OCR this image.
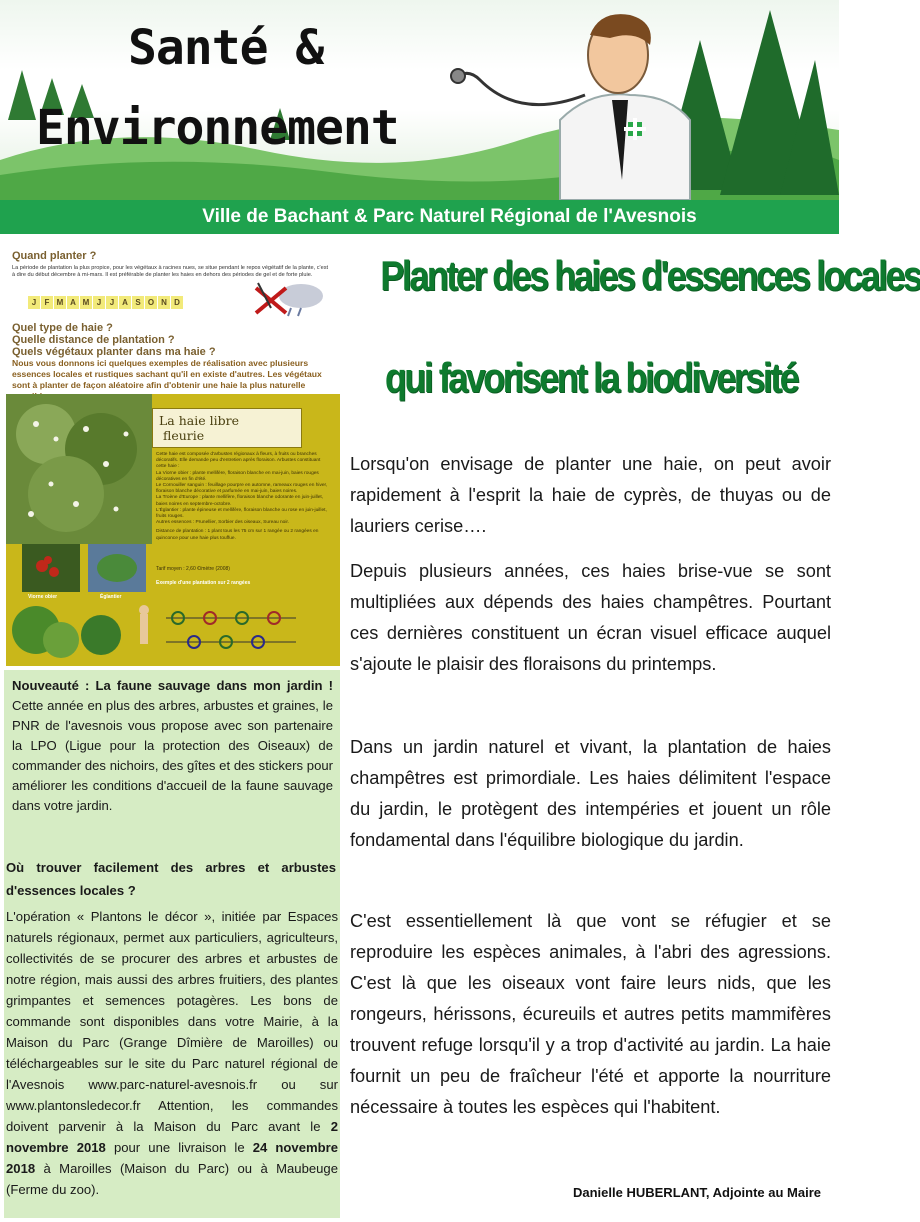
Santé &
Environnement
Ville de Bachant & Parc Naturel Régional de l'Avesnois
Quand planter ?
La période de plantation la plus propice, pour les végétaux à racines nues, se situe pendant le repos végétatif de la plante, c'est à dire du début décembre à mi-mars. Il est préférable de planter les haies en dehors des périodes de gel et de forte pluie.
J	F M A M J	J A S O N D
Quel type de haie ?
Quelle distance de plantation ?
Quels végétaux planter dans ma haie ?
Nous vous donnons ici quelques exemples de réalisation avec plusieurs essences locales et rustiques sachant qu'il en existe d'autres. Les végétaux sont à planter de façon aléatoire afin d'obtenir une haie la plus naturelle
La haie libre
fleurie
Cette haie est composée d'arbustes régionaux à fleurs, à fruits ou branches décoratifs. Elle demande peu d'entretien après floraison. Arbustes constituant cette haie :
La Viorne obier : plante mellifère, floraison blanche en mai-juin, baies rouges décoratives en fin d'été.
Le Cornouiller sanguin : feuillage pourpre en automne, rameaux rouges en hiver, floraison blanche décorative et parfumée en mai-juin, baies noires.
La Troène d'Europe : plante mellifère, floraison blanche odorante en juin-juillet, baies noires en septembre-octobre.
L'Églantier : plante épineuse et mellifère, floraison blanche ou rose en juin-juillet, fruits rouges.
Autres essences : Prunellier, Sorbier des oiseaux, Sureau noir.
Distance de plantation : 1 plant tous les 75 cm sur 1 rangée ou 2 rangées en quinconce pour une haie plus touffue.
Tarif moyen : 2,60 €/mètre (2008)
Viorne obier	Églantier
Exemple d'une plantation sur 2 rangées
Nouveauté : La faune sauvage dans mon jardin ! Cette année en plus des arbres, arbustes et graines, le PNR de l'avesnois vous propose avec son partenaire la LPO (Ligue pour la protection des Oiseaux) de commander des nichoirs, des gîtes et des stickers pour améliorer les conditions d'accueil de la faune sauvage dans votre jardin.
Où trouver facilement des arbres et arbustes d'essences locales ?
L'opération « Plantons le décor », initiée par Espaces naturels régionaux, permet aux particuliers, agriculteurs, collectivités de se procurer des arbres et arbustes de notre région, mais aussi des arbres fruitiers, des plantes grimpantes et semences potagères. Les bons de commande sont disponibles dans votre Mairie, à la Maison du Parc (Grange Dîmière de Maroilles) ou téléchargeables sur le site du Parc naturel régional de l'Avesnois www.parc-naturel-avesnois.fr ou sur www.plantonsledecor.fr Attention, les commandes doivent parvenir à la Maison du Parc avant le 2 novembre 2018 pour une livraison le 24 novembre 2018 à Maroilles (Maison du Parc) ou à Maubeuge (Ferme du zoo).
Planter des haies d'essences locales
qui favorisent la biodiversité
Lorsqu'on envisage de planter une haie, on peut avoir rapidement à l'esprit la haie de cyprès, de thuyas ou de lauriers cerise….
Depuis plusieurs années, ces haies brise-vue se sont multipliées aux dépends des haies champêtres. Pourtant ces dernières constituent un écran visuel efficace auquel s'ajoute le plaisir des floraisons du printemps.
Dans un jardin naturel et vivant, la plantation de haies champêtres est primordiale. Les haies délimitent l'espace du jardin, le protègent des intempéries et jouent un rôle fondamental dans l'équilibre biologique du jardin.
C'est essentiellement là que vont se réfugier et se reproduire les espèces animales, à l'abri des agressions. C'est là que les oiseaux vont faire leurs nids, que les rongeurs, hérissons, écureuils et autres petits mammifères trouvent refuge lorsqu'il y a trop d'activité au jardin. La haie fournit un peu de fraîcheur l'été et apporte la nourriture nécessaire à toutes les espèces qui l'habitent.
Danielle HUBERLANT, Adjointe au Maire
